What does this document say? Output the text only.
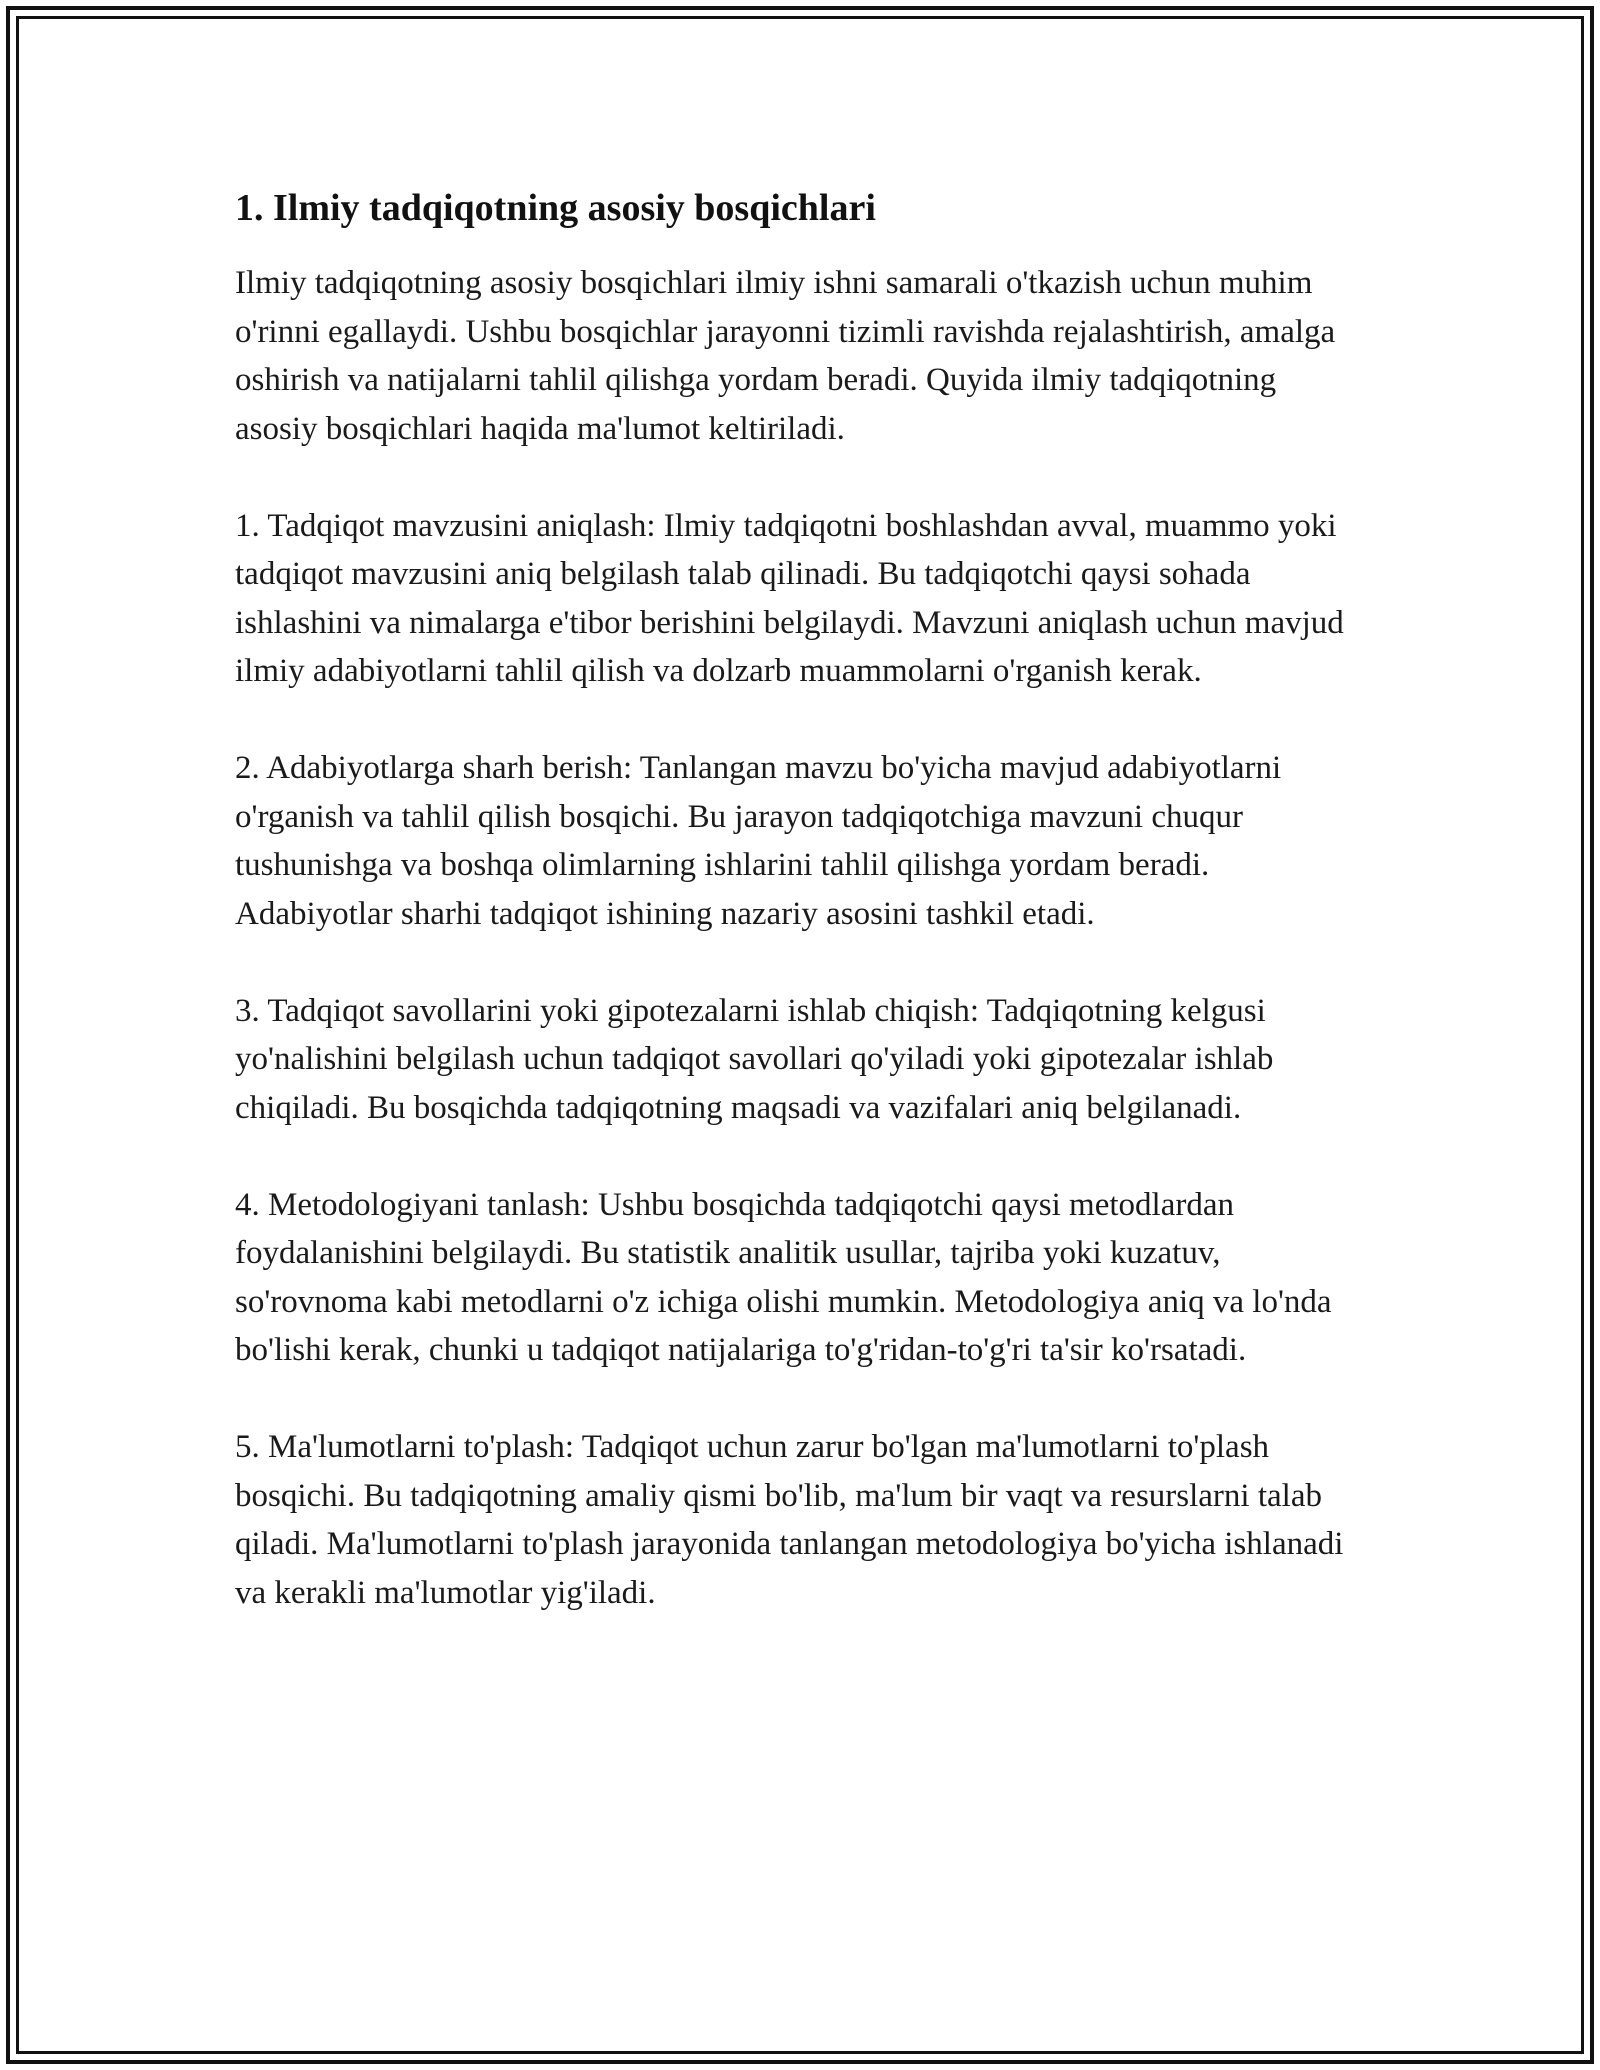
1. Ilmiy tadqiqotning asosiy bosqichlari

Ilmiy tadqiqotning asosiy bosqichlari ilmiy ishni samarali o'tkazish uchun muhim o'rinni egallaydi. Ushbu bosqichlar jarayonni tizimli ravishda rejalashtirish, amalga oshirish va natijalarni tahlil qilishga yordam beradi. Quyida ilmiy tadqiqotning asosiy bosqichlari haqida ma'lumot keltiriladi.

1. Tadqiqot mavzusini aniqlash: Ilmiy tadqiqotni boshlashdan avval, muammo yoki tadqiqot mavzusini aniq belgilash talab qilinadi. Bu tadqiqotchi qaysi sohada ishlashini va nimalarga e'tibor berishini belgilaydi. Mavzuni aniqlash uchun mavjud ilmiy adabiyotlarni tahlil qilish va dolzarb muammolarni o'rganish kerak.

2. Adabiyotlarga sharh berish: Tanlangan mavzu bo'yicha mavjud adabiyotlarni o'rganish va tahlil qilish bosqichi. Bu jarayon tadqiqotchiga mavzuni chuqur tushunishga va boshqa olimlarning ishlarini tahlil qilishga yordam beradi. Adabiyotlar sharhi tadqiqot ishining nazariy asosini tashkil etadi.

3. Tadqiqot savollarini yoki gipotezalarni ishlab chiqish: Tadqiqotning kelgusi yo'nalishini belgilash uchun tadqiqot savollari qo'yiladi yoki gipotezalar ishlab chiqiladi. Bu bosqichda tadqiqotning maqsadi va vazifalari aniq belgilanadi.

4. Metodologiyani tanlash: Ushbu bosqichda tadqiqotchi qaysi metodlardan foydalanishini belgilaydi. Bu statistik analitik usullar, tajriba yoki kuzatuv, so'rovnoma kabi metodlarni o'z ichiga olishi mumkin. Metodologiya aniq va lo'nda bo'lishi kerak, chunki u tadqiqot natijalariga to'g'ridan-to'g'ri ta'sir ko'rsatadi.

5. Ma'lumotlarni to'plash: Tadqiqot uchun zarur bo'lgan ma'lumotlarni to'plash bosqichi. Bu tadqiqotning amaliy qismi bo'lib, ma'lum bir vaqt va resurslarni talab qiladi. Ma'lumotlarni to'plash jarayonida tanlangan metodologiya bo'yicha ishlanadi va kerakli ma'lumotlar yig'iladi.
